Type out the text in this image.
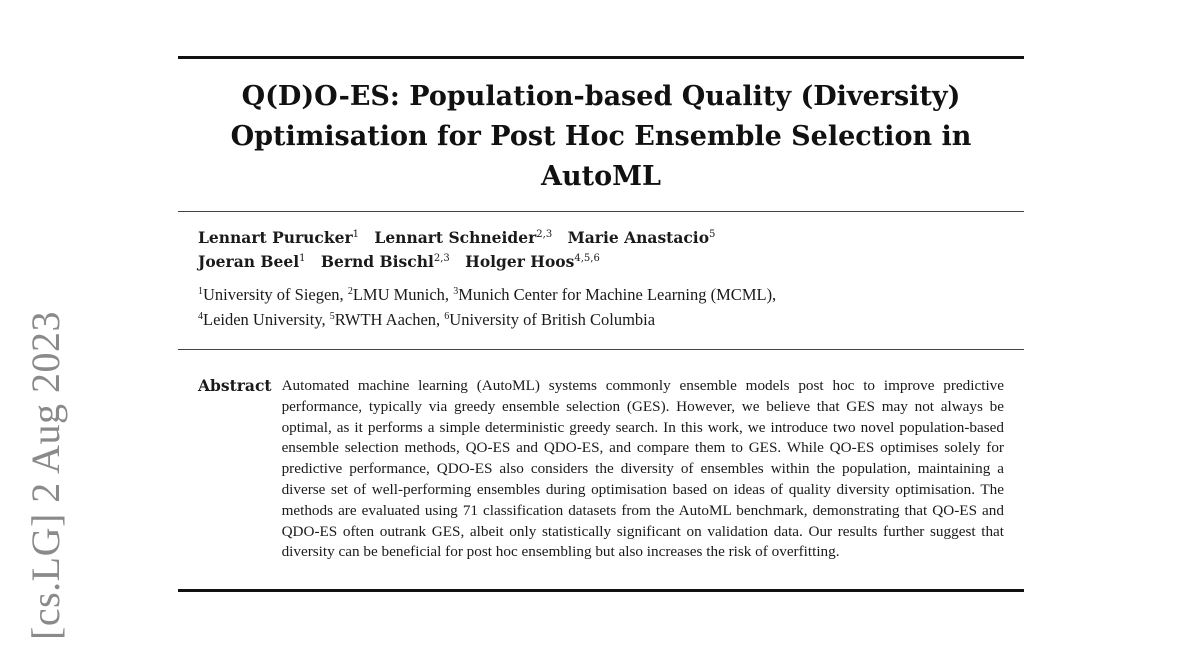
[cs.LG] 2 Aug 2023
Q(D)O-ES: Population-based Quality (Diversity)
Optimisation for Post Hoc Ensemble Selection in AutoML
Lennart Purucker$^1$ Lennart Schneider$^{2,3}$ Marie Anastacio$^5$
Joeran Beel$^1$ Bernd Bischl$^{2,3}$ Holger Hoos$^{4,5,6}$
$^1$University of Siegen, $^2$LMU Munich, $^3$Munich Center for Machine Learning (MCML),
$^4$Leiden University, $^5$RWTH Aachen, $^6$University of British Columbia
Abstract Automated machine learning (AutoML) systems commonly ensemble models post hoc to improve predictive performance, typically via greedy ensemble selection (GES). However, we believe that GES may not always be optimal, as it performs a simple deterministic greedy search. In this work, we introduce two novel population-based ensemble selection methods, QO-ES and QDO-ES, and compare them to GES. While QO-ES optimises solely for predictive performance, QDO-ES also considers the diversity of ensembles within the population, maintaining a diverse set of well-performing ensembles during optimisation based on ideas of quality diversity optimisation. The methods are evaluated using 71 classification datasets from the AutoML benchmark, demonstrating that QO-ES and QDO-ES often outrank GES, albeit only statistically significant on validation data. Our results further suggest that diversity can be beneficial for post hoc ensembling but also increases the risk of overfitting.
